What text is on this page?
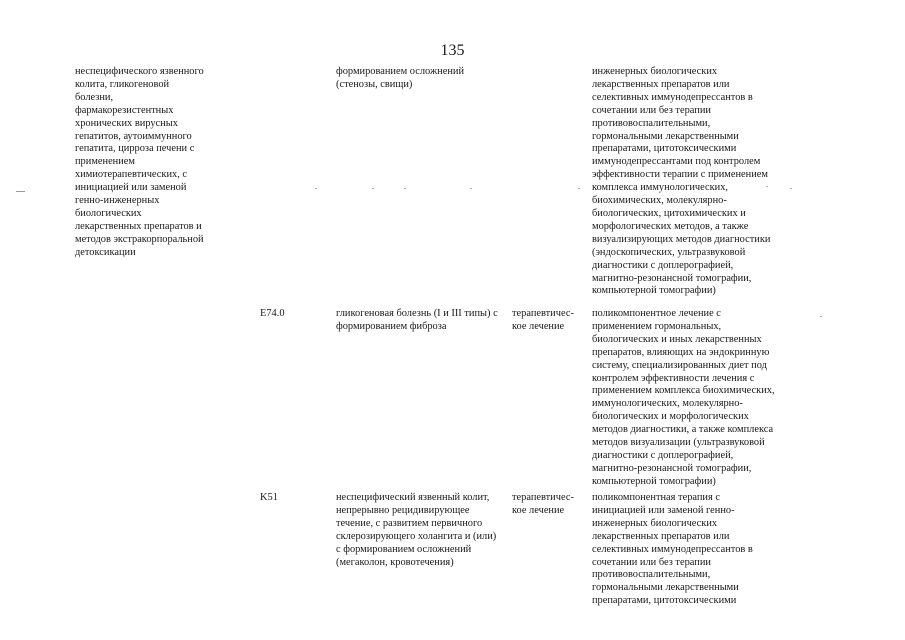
135
неспецифического язвенного
колита, гликогеновой
болезни,
фармакорезистентных
хронических вирусных
гепатитов, аутоиммунного
гепатита, цирроза печени с
применением
химиотерапевтических, с
инициацией или заменой
генно-инженерных
биологических
лекарственных препаратов и
методов экстракорпоральной
детоксикации
формированием осложнений
(стенозы, свищи)
инженерных биологических
лекарственных препаратов или
селективных иммунодепрессантов в
сочетании или без терапии
противовоспалительными,
гормональными лекарственными
препаратами, цитотоксическими
иммунодепрессантами под контролем
эффективности терапии с применением
комплекса иммунологических,
биохимических, молекулярно-
биологических, цитохимических и
морфологических методов, а также
визуализирующих методов диагностики
(эндоскопических, ультразвуковой
диагностики с доплерографией,
магнитно-резонансной томографии,
компьютерной томографии)
E74.0	гликогеновая болезнь (I и III типы) с
формированием фиброза
терапевтичес-
кое лечение
поликомпонентное лечение с
применением гормональных,
биологических и иных лекарственных
препаратов, влияющих на эндокринную
систему, специализированных диет под
контролем эффективности лечения с
применением комплекса биохимических,
иммунологических, молекулярно-
биологических и морфологических
методов диагностики, а также комплекса
методов визуализации (ультразвуковой
диагностики с доплерографией,
магнитно-резонансной томографии,
компьютерной томографии)
K51	неспецифический язвенный колит,
непрерывно рецидивирующее
течение, с развитием первичного
склерозирующего холангита и (или)
с формированием осложнений
(мегаколон, кровотечения)
терапевтичес-
кое лечение
поликомпонентная терапия с
инициацией или заменой генно-
инженерных биологических
лекарственных препаратов или
селективных иммунодепрессантов в
сочетании или без терапии
противовоспалительными,
гормональными лекарственными
препаратами, цитотоксическими
